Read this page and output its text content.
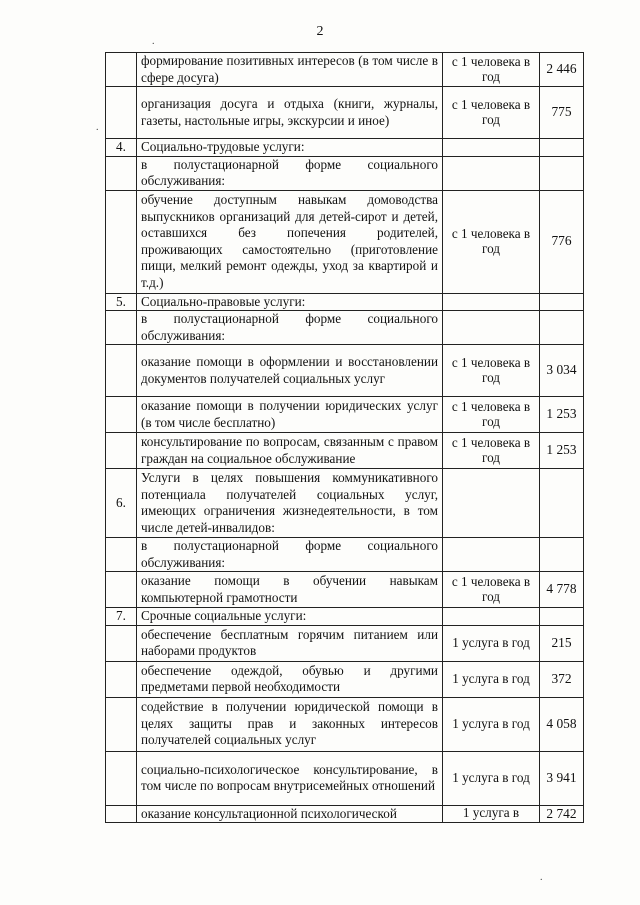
2
	формирование позитивных интересов (в том числе в сфере досуга)	с 1 человека в год	2 446
	организация досуга и отдыха (книги, журналы, газеты, настольные игры, экскурсии и иное)	с 1 человека в год	775
4.	Социально-трудовые услуги:		
	в полустационарной форме социального обслуживания:		
	обучение доступным навыкам домоводства выпускников организаций для детей-сирот и детей, оставшихся без попечения родителей, проживающих самостоятельно (приготовление пищи, мелкий ремонт одежды, уход за квартирой и т.д.)	с 1 человека в год	776
5.	Социально-правовые услуги:		
	в полустационарной форме социального обслуживания:		
	оказание помощи в оформлении и восстановлении документов получателей социальных услуг	с 1 человека в год	3 034
	оказание помощи в получении юридических услуг (в том числе бесплатно)	с 1 человека в год	1 253
	консультирование по вопросам, связанным с правом граждан на социальное обслуживание	с 1 человека в год	1 253
6.	Услуги в целях повышения коммуникативного потенциала получателей социальных услуг, имеющих ограничения жизнедеятельности, в том числе детей-инвалидов:		
	в полустационарной форме социального обслуживания:		
	оказание помощи в обучении навыкам компьютерной грамотности	с 1 человека в год	4 778
7.	Срочные социальные услуги:		
	обеспечение бесплатным горячим питанием или наборами продуктов	1 услуга в год	215
	обеспечение одеждой, обувью и другими предметами первой необходимости	1 услуга в год	372
	содействие в получении юридической помощи в целях защиты прав и законных интересов получателей социальных услуг	1 услуга в год	4 058
	социально-психологическое консультирование, в том числе по вопросам внутрисемейных отношений	1 услуга в год	3 941
	оказание консультационной психологической	1 услуга в	2 742
.
.
.
